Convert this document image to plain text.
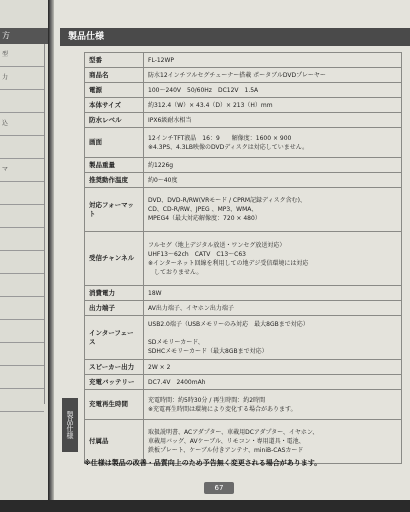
方
型
力
込
マ
製品仕様
型番	FL-12WP
商品名	防水12インチフルセグチューナー搭載 ポータブルDVDプレーヤー
電源	100〜240V　50/60Hz　DC12V　1.5A
本体サイズ	約312.4（W）× 43.4（D）× 213（H）mm
防水レベル	IPX6級耐水相当
画面	12インチTFT液晶　16：9　　解像度：1600 × 900
※4.3PS、4.3LB映像のDVDディスクは対応していません。
製品重量	約1226g
推奨動作温度	約0〜40度
対応フォーマット	DVD、DVD-R/RW(VRモード / CPRM記録ディスク含む)、
CD、CD-R/RW、JPEG 、MP3、WMA、
MPEG4（最大対応解像度：720 × 480）
受信チャンネル	フルセグ（地上デジタル放送・ワンセグ放送対応）
UHF13〜62ch　CATV　C13〜C63
※インターネット回線を利用しての地デジ受信環境には対応
　しておりません。
消費電力	18W
出力端子	AV出力端子、イヤホン出力端子
インターフェース	USB2.0端子（USBメモリーのみ対応　最大8GBまで対応）

SDメモリーカード、
SDHCメモリーカード（最大8GBまで対応）
スピーカー出力	2W × 2
充電バッテリー	DC7.4V　2400mAh
充電再生時間	充電時間：約5時30分 / 再生時間：約2時間
※充電再生時間は環境により変化する場合があります。
付属品	取扱説明書、ACアダプター、車載用DCアダプター、イヤホン、
車載用バッグ、AVケーブル、リモコン・専用道具・電池、
鉄板プレート、ケーブル付きアンテナ、miniB-CASカード
製品仕様
※仕様は製品の改善・品質向上のため予告無く変更される場合があります。
67
